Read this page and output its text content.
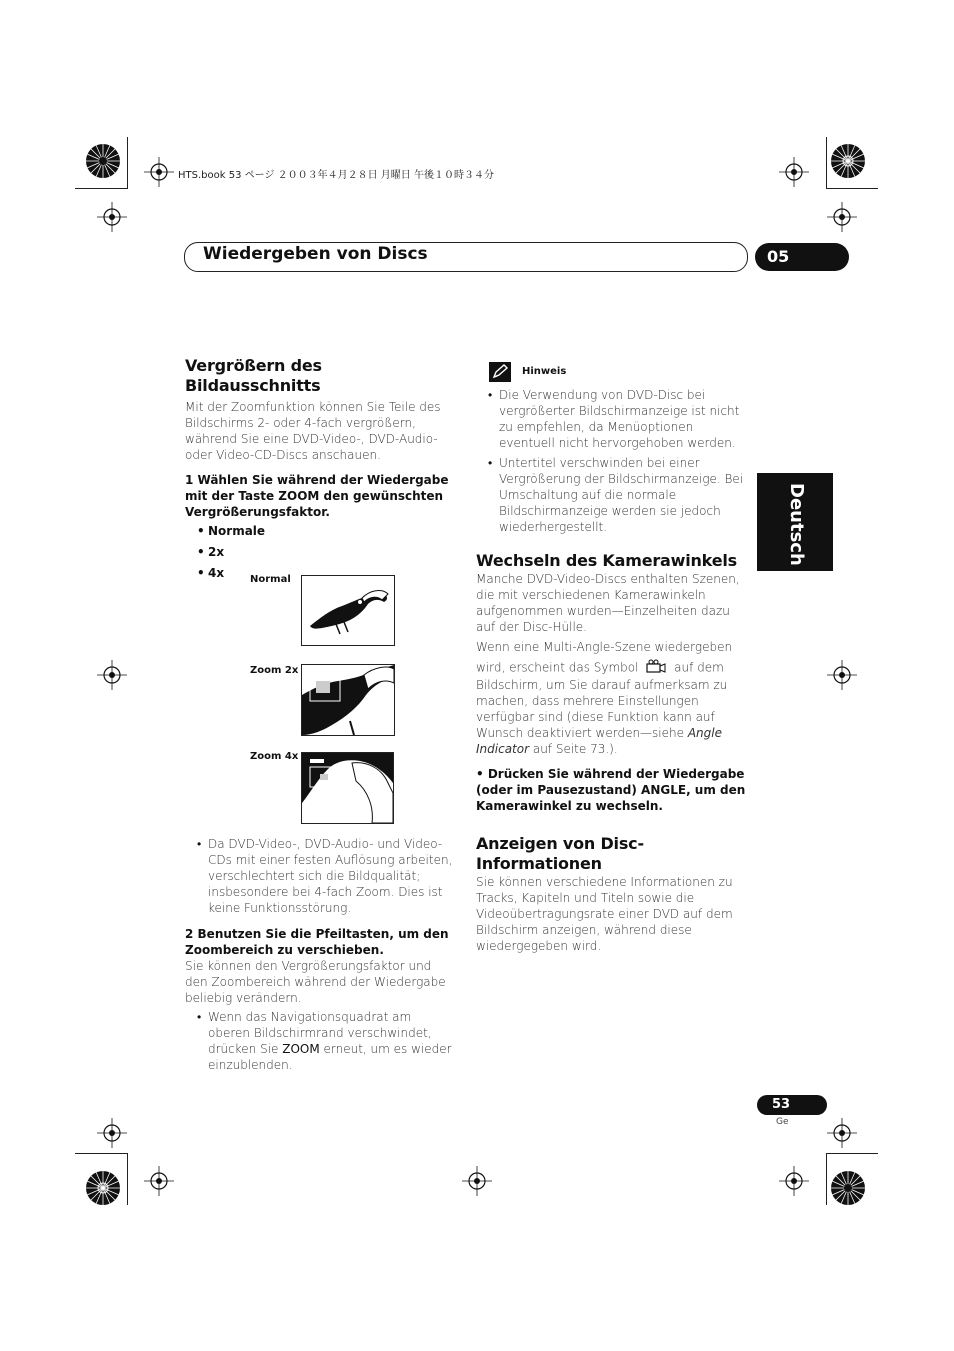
HTS.book 53 ページ ２００３年４月２８日 月曜日 午後１０時３４分
Wiedergeben von Discs	05
Deutsch
Vergrößern des Bildausschnitts
Mit der Zoomfunktion können Sie Teile des Bildschirms 2- oder 4-fach vergrößern, während Sie eine DVD-Video-, DVD-Audio- oder Video-CD-Discs anschauen.
1 Wählen Sie während der Wiedergabe mit der Taste ZOOM den gewünschten Vergrößerungsfaktor.
• Normale
• 2x
• 4x	Normal
Zoom 2x
Zoom 4x
• Da DVD-Video-, DVD-Audio- und Video-CDs mit einer festen Auflösung arbeiten, verschlechtert sich die Bildqualität; insbesondere bei 4-fach Zoom. Dies ist keine Funktionsstörung.
2 Benutzen Sie die Pfeiltasten, um den Zoombereich zu verschieben.
Sie können den Vergrößerungsfaktor und den Zoombereich während der Wiedergabe beliebig verändern.
• Wenn das Navigationsquadrat am oberen Bildschirmrand verschwindet, drücken Sie ZOOM erneut, um es wieder einzublenden.
Hinweis
• Die Verwendung von DVD-Disc bei vergrößerter Bildschirmanzeige ist nicht zu empfehlen, da Menüoptionen eventuell nicht hervorgehoben werden.
• Untertitel verschwinden bei einer Vergrößerung der Bildschirmanzeige. Bei Umschaltung auf die normale Bildschirmanzeige werden sie jedoch wiederhergestellt.
Wechseln des Kamerawinkels
Manche DVD-Video-Discs enthalten Szenen, die mit verschiedenen Kamerawinkeln aufgenommen wurden—Einzelheiten dazu auf der Disc-Hülle.
Wenn eine Multi-Angle-Szene wiedergeben
wird, erscheint das Symbol	auf dem Bildschirm, um Sie darauf aufmerksam zu machen, dass mehrere Einstellungen verfügbar sind (diese Funktion kann auf Wunsch deaktiviert werden—siehe Angle Indicator auf Seite 73.).
• Drücken Sie während der Wiedergabe (oder im Pausezustand) ANGLE, um den Kamerawinkel zu wechseln.
Anzeigen von Disc-Informationen
Sie können verschiedene Informationen zu Tracks, Kapiteln und Titeln sowie die Videoübertragungsrate einer DVD auf dem Bildschirm anzeigen, während diese wiedergegeben wird.
53
Ge
